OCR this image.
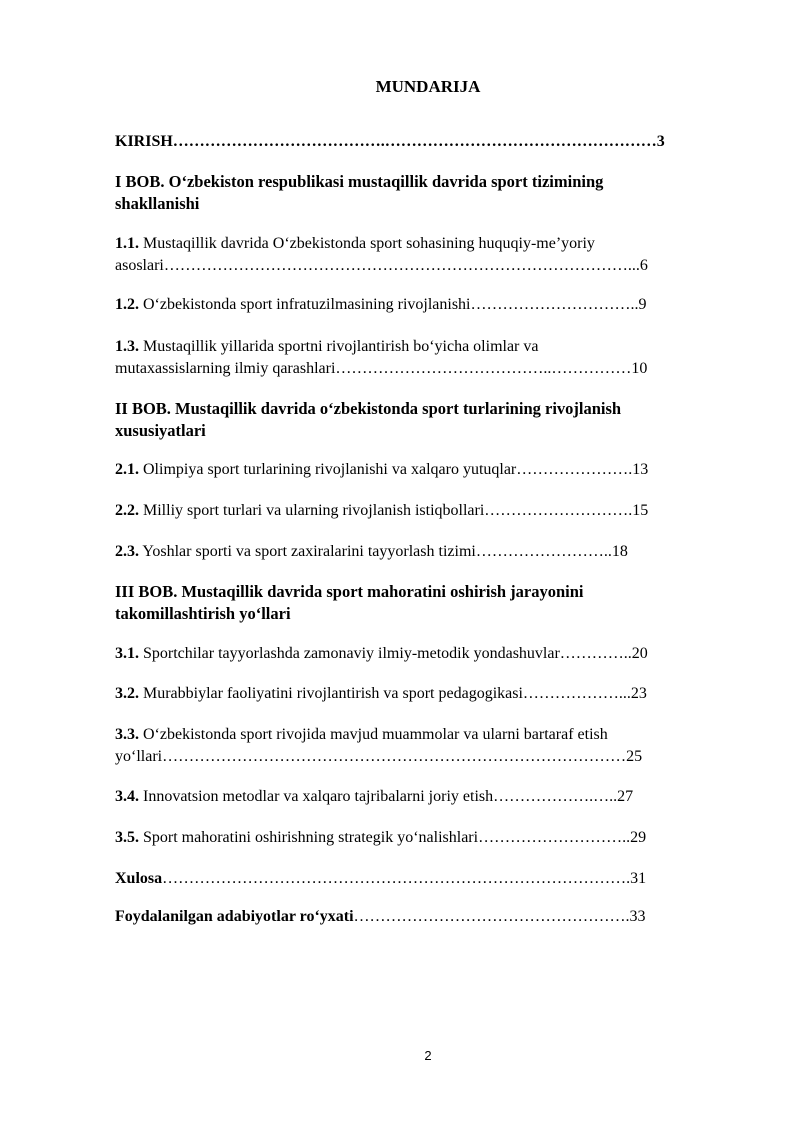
MUNDARIJA
KIRISH………………………………….……………………………………………3
I BOB. O‘zbekiston respublikasi mustaqillik davrida sport tizimining
shakllanishi
1.1. Mustaqillik davrida O‘zbekistonda sport sohasining huquqiy-me’yoriy
asoslari……………………………………………………………………………...6
1.2. O‘zbekistonda sport infratuzilmasining rivojlanishi…………………………..9
1.3. Mustaqillik yillarida sportni rivojlantirish bo‘yicha olimlar va
mutaxassislarning ilmiy qarashlari…………………………………..……………10
II BOB. Mustaqillik davrida o‘zbekistonda sport turlarining rivojlanish
xususiyatlari
2.1. Olimpiya sport turlarining rivojlanishi va xalqaro yutuqlar………………….13
2.2. Milliy sport turlari va ularning rivojlanish istiqbollari……………………….15
2.3. Yoshlar sporti va sport zaxiralarini tayyorlash tizimi……………………..18
III BOB. Mustaqillik davrida sport mahoratini oshirish jarayonini
takomillashtirish yo‘llari
3.1. Sportchilar tayyorlashda zamonaviy ilmiy-metodik yondashuvlar…………..20
3.2. Murabbiylar faoliyatini rivojlantirish va sport pedagogikasi………………...23
3.3. O‘zbekistonda sport rivojida mavjud muammolar va ularni bartaraf etish
yo‘llari……………………………………………………………………………25
3.4. Innovatsion metodlar va xalqaro tajribalarni joriy etish……………….…..27
3.5. Sport mahoratini oshirishning strategik yo‘nalishlari………………………..29
Xulosa…………………………………………………………………………….31
Foydalanilgan adabiyotlar ro‘yxati…………………………………………….33
2
